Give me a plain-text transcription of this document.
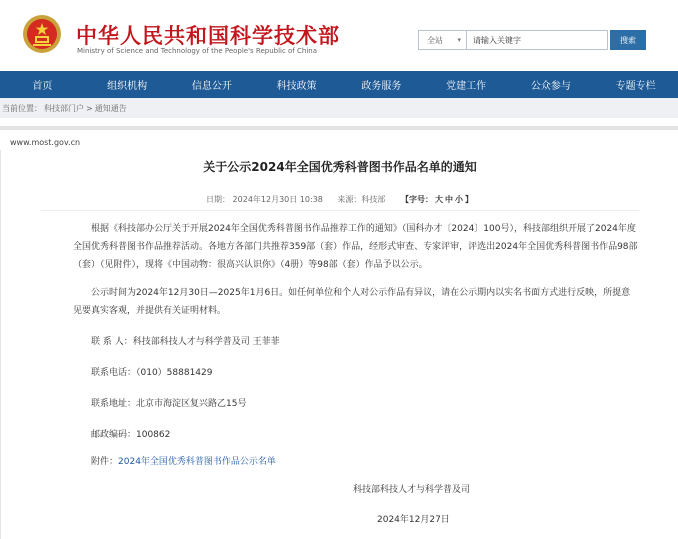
中华人民共和国科学技术部
Ministry of Science and Technology of the People's Republic of China
全站 ▾	请输入关键字	搜索
首页	组织机构	信息公开	科技政策	政务服务	党建工作	公众参与	专题专栏
当前位置： 科技部门户 > 通知通告
www.most.gov.cn
关于公示2024年全国优秀科普图书作品名单的通知
日期： 2024年12月30日 10:38 来源：科技部 【字号： 大 中 小 】
根据《科技部办公厅关于开展2024年全国优秀科普图书作品推荐工作的通知》（国科办才〔2024〕100号），科技部组织开展了2024年度全国优秀科普图书作品推荐活动。各地方各部门共推荐359部（套）作品，经形式审查、专家评审，评选出2024年全国优秀科普图书作品98部（套）（见附件），现将《中国动物：很高兴认识你》（4册）等98部（套）作品予以公示。
公示时间为2024年12月30日—2025年1月6日。如任何单位和个人对公示作品有异议，请在公示期内以实名书面方式进行反映，所提意见要真实客观，并提供有关证明材料。
联 系 人：科技部科技人才与科学普及司 王菲菲
联系电话：（010）58881429
联系地址：北京市海淀区复兴路乙15号
邮政编码：100862
附件：2024年全国优秀科普图书作品公示名单
科技部科技人才与科学普及司
2024年12月27日
